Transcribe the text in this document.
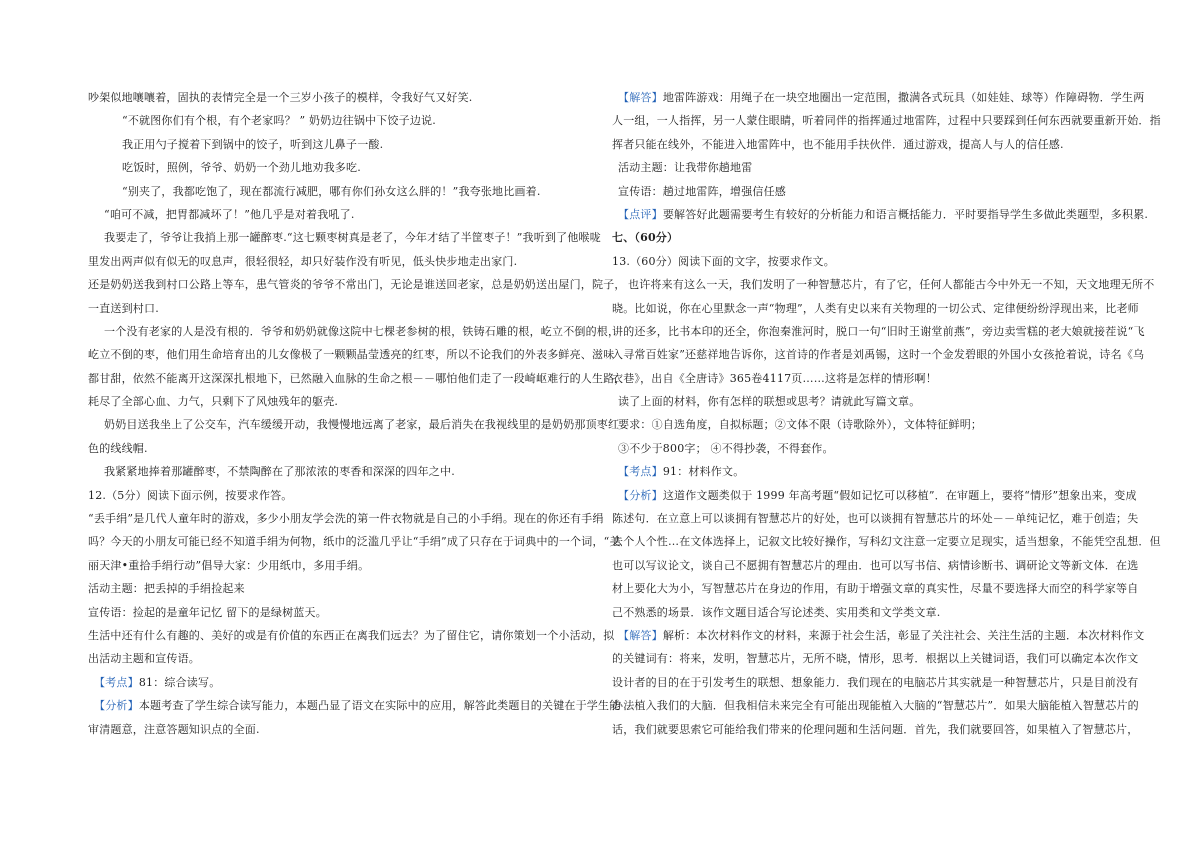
吵架似地嚷嚷着，固执的表情完全是一个三岁小孩子的模样，令我好气又好笑.
“不就图你们有个根，有个老家吗？ ” 奶奶边往锅中下饺子边说.
我正用勺子搅着下到锅中的饺子，听到这儿鼻子一酸.
吃饭时，照例，爷爷、奶奶一个劲儿地劝我多吃.
“别夹了，我都吃饱了，现在都流行减肥，哪有你们孙女这么胖的！”我夸张地比画着.
“咱可不减，把胃都减坏了！”他几乎是对着我吼了.
我要走了，爷爷让我捎上那一罐醉枣.“这七颗枣树真是老了，今年才结了半筐枣子！”我听到了他喉咙
里发出两声似有似无的叹息声，很轻很轻，却只好装作没有听见，低头快步地走出家门.
还是奶奶送我到村口公路上等车，患气管炎的爷爷不常出门，无论是谁送回老家，总是奶奶送出屋门，院子，
一直送到村口.
一个没有老家的人是没有根的．爷爷和奶奶就像这院中七棵老参树的根，铁铸石雕的根，屹立不倒的根，
屹立不倒的枣，他们用生命培育出的儿女像极了一颗颗晶莹透亮的红枣，所以不论我们的外表多鲜亮、滋味
都甘甜，依然不能离开这深深扎根地下，已然融入血脉的生命之根－－哪怕他们走了一段崎岖难行的人生路，
耗尽了全部心血、力气，只剩下了风烛残年的躯壳.
奶奶目送我坐上了公交车，汽车缓缓开动，我慢慢地远离了老家，最后消失在我视线里的是奶奶那顶枣红
色的线线帽.
我紧紧地捧着那罐醉枣，不禁陶醉在了那浓浓的枣香和深深的四年之中.
12.（5分）阅读下面示例，按要求作答。
“丢手绢”是几代人童年时的游戏，多少小朋友学会洗的第一件衣物就是自己的小手绢。现在的你还有手绢
吗？今天的小朋友可能已经不知道手绢为何物，纸巾的泛滥几乎让“手绢”成了只存在于词典中的一个词，“美
丽天津•重拾手绢行动”倡导大家：少用纸巾，多用手绢。
活动主题：把丢掉的手绢捡起来
宣传语：捡起的是童年记忆 留下的是绿树蓝天。
生活中还有什么有趣的、美好的或是有价值的东西正在离我们远去？为了留住它，请你策划一个小活动，拟
出活动主题和宣传语。
【考点】81：综合读写。
【分析】本题考查了学生综合读写能力，本题凸显了语文在实际中的应用，解答此类题目的关键在于学生能
审清题意，注意答题知识点的全面.
【解答】地雷阵游戏：用绳子在一块空地圈出一定范围，撒满各式玩具（如娃娃、球等）作障碍物．学生两
人一组，一人指挥，另一人蒙住眼睛，听着同伴的指挥通过地雷阵，过程中只要踩到任何东西就要重新开始．指
挥者只能在线外，不能进入地雷阵中，也不能用手扶伙伴．通过游戏，提高人与人的信任感.
活动主题：让我带你趟地雷
宣传语：趟过地雷阵，增强信任感
【点评】要解答好此题需要考生有较好的分析能力和语言概括能力．平时要指导学生多做此类题型，多积累.
七、（60分）
13.（60分）阅读下面的文字，按要求作文。
也许将来有这么一天，我们发明了一种智慧芯片，有了它，任何人都能古今中外无一不知，天文地理无所不
晓。比如说，你在心里默念一声“物理”，人类有史以来有关物理的一切公式、定律便纷纷浮现出来，比老师
讲的还多，比书本印的还全，你泡秦淮河时，脱口一句“旧时王谢堂前燕”，旁边卖雪糕的老大娘就接茬说“飞
入寻常百姓家”还慈祥地告诉你，这首诗的作者是刘禹锡，这时一个金发碧眼的外国小女孩抢着说，诗名《乌
衣巷》，出自《全唐诗》365卷4117页……这将是怎样的情形啊！
读了上面的材料，你有怎样的联想或思考？请就此写篇文章。
要求：①自选角度，自拟标题；②文体不限（诗歌除外），文体特征鲜明；
③不少于800字； ④不得抄袭，不得套作。
【考点】91：材料作文。
【分析】这道作文题类似于 1999 年高考题“假如记忆可以移植”．在审题上，要将“情形”想象出来，变成
陈述句．在立意上可以谈拥有智慧芯片的好处，也可以谈拥有智慧芯片的坏处－－单纯记忆，难于创造；失
去个人个性…在文体选择上，记叙文比较好操作，写科幻文注意一定要立足现实，适当想象，不能凭空乱想．但
也可以写议论文，谈自己不愿拥有智慧芯片的理由．也可以写书信、病情诊断书、调研论文等新文体．在选
材上要化大为小，写智慧芯片在身边的作用，有助于增强文章的真实性，尽量不要选择大而空的科学家等自
己不熟悉的场景．该作文题目适合写论述类、实用类和文学类文章.
【解答】解析：本次材料作文的材料，来源于社会生活，彰显了关注社会、关注生活的主题．本次材料作文
的关键词有：将来，发明，智慧芯片，无所不晓，情形，思考．根据以上关键词语，我们可以确定本次作文
设计者的目的在于引发考生的联想、想象能力．我们现在的电脑芯片其实就是一种智慧芯片，只是目前没有
办法植入我们的大脑．但我相信未来完全有可能出现能植入大脑的“智慧芯片”．如果大脑能植入智慧芯片的
话，我们就要思索它可能给我们带来的伦理问题和生活问题．首先，我们就要回答，如果植入了智慧芯片，
